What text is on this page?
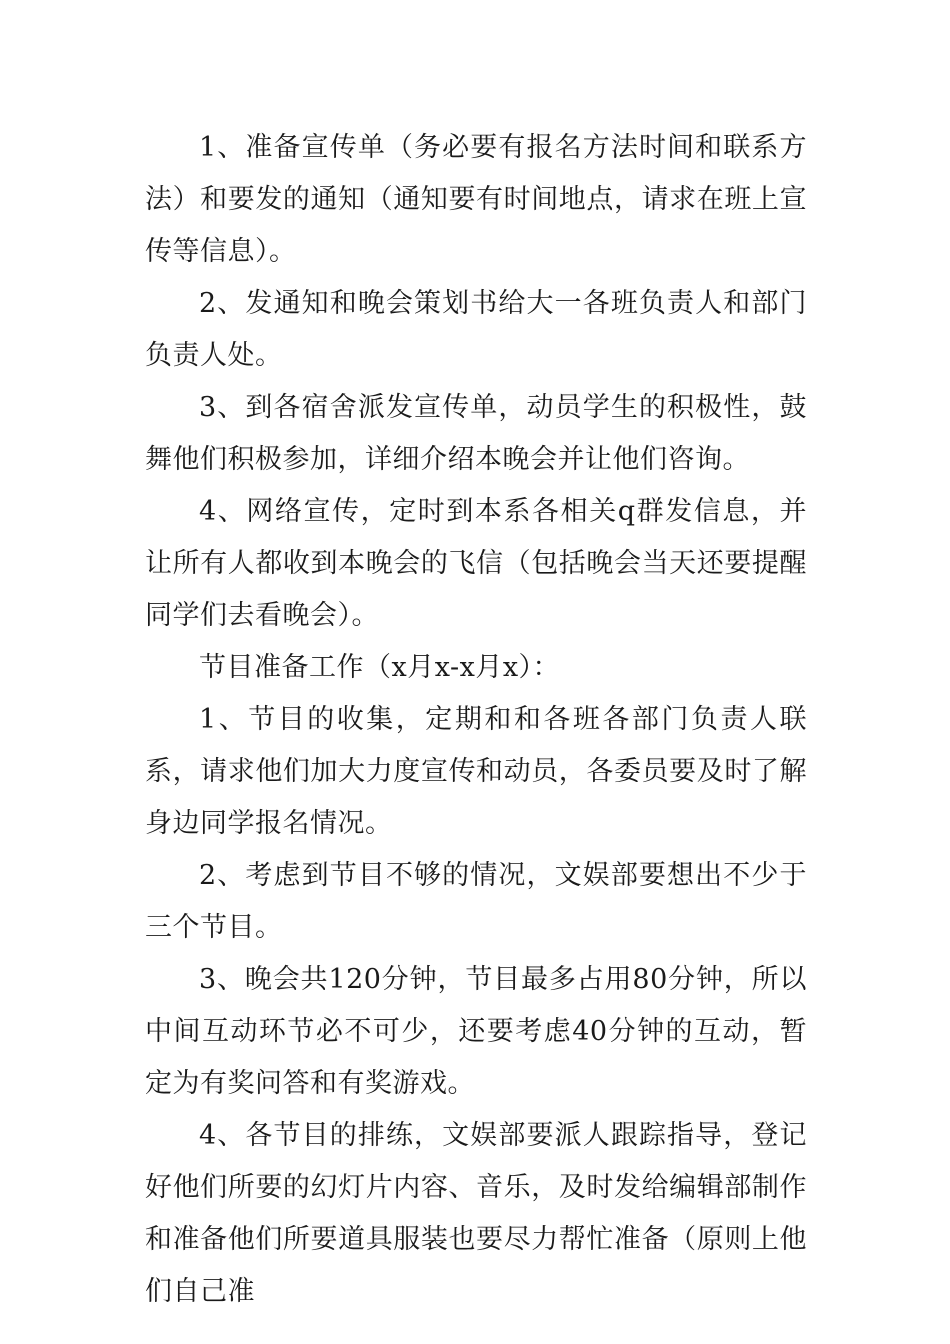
1、准备宣传单（务必要有报名方法时间和联系方法）和要发的通知（通知要有时间地点，请求在班上宣传等信息）。

2、发通知和晚会策划书给大一各班负责人和部门负责人处。

3、到各宿舍派发宣传单，动员学生的积极性，鼓舞他们积极参加，详细介绍本晚会并让他们咨询。

4、网络宣传，定时到本系各相关q群发信息，并让所有人都收到本晚会的飞信（包括晚会当天还要提醒同学们去看晚会）。

节目准备工作（x月x-x月x）：

1、节目的收集，定期和和各班各部门负责人联系，请求他们加大力度宣传和动员，各委员要及时了解身边同学报名情况。

2、考虑到节目不够的情况，文娱部要想出不少于三个节目。

3、晚会共120分钟，节目最多占用80分钟，所以中间互动环节必不可少，还要考虑40分钟的互动，暂定为有奖问答和有奖游戏。

4、各节目的排练，文娱部要派人跟踪指导，登记好他们所要的幻灯片内容、音乐，及时发给编辑部制作和准备他们所要道具服装也要尽力帮忙准备（原则上他们自己准
